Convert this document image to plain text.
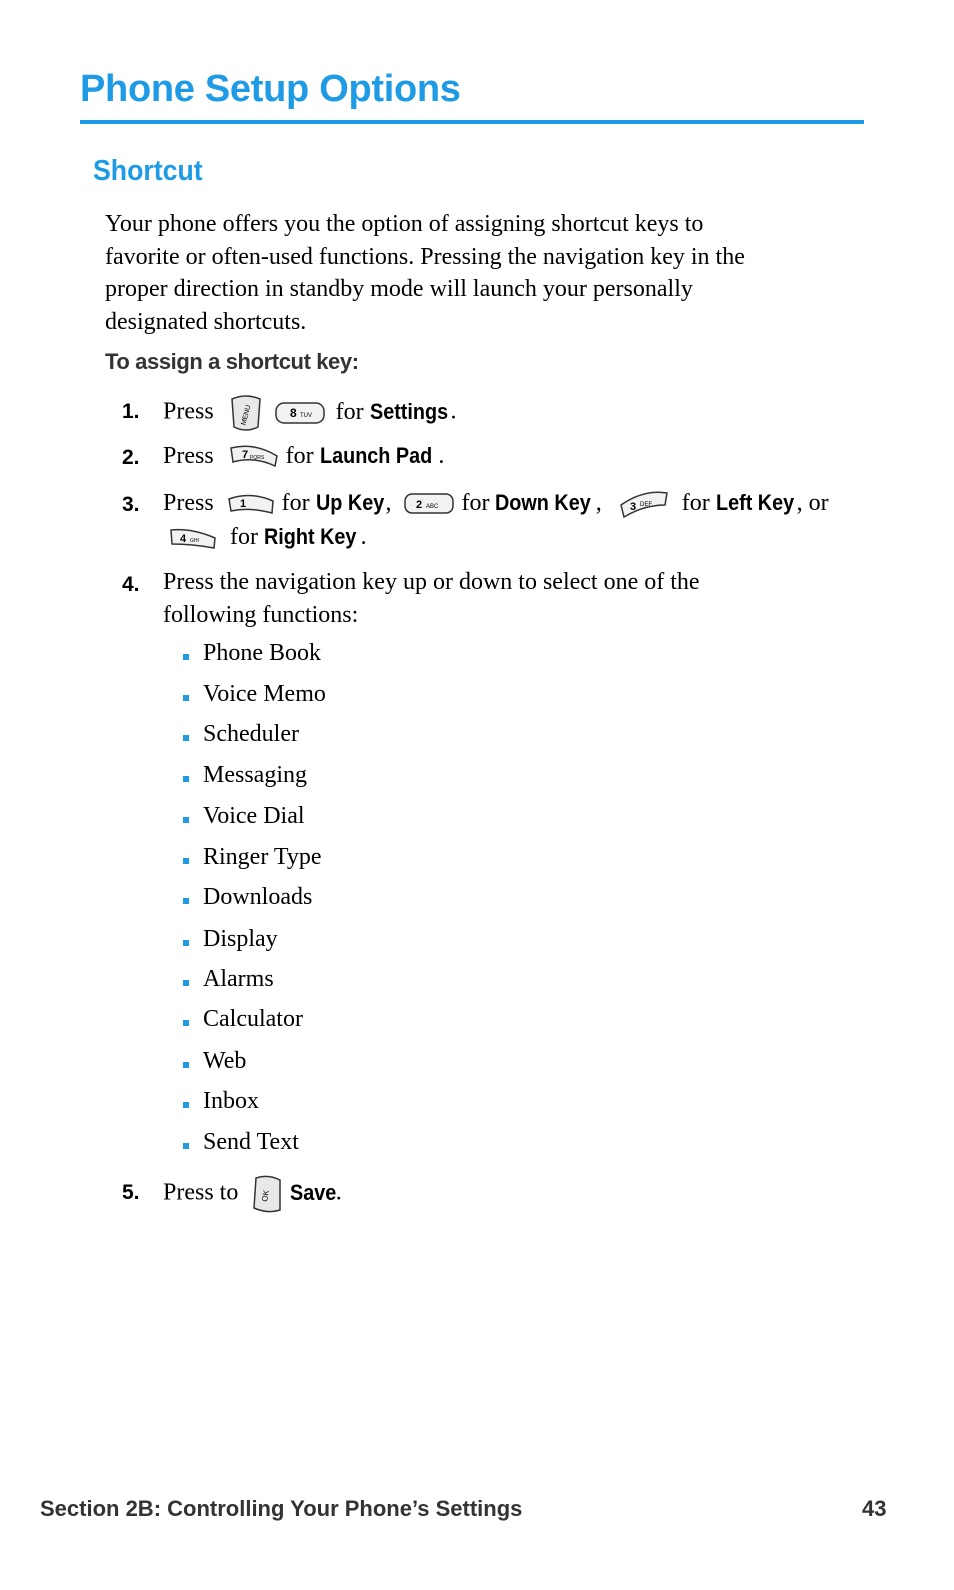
Phone Setup Options
Shortcut
Your phone offers you the option of assigning shortcut keys to
favorite or often-used functions. Pressing the navigation key in the
proper direction in standby mode will launch your personally
designated shortcuts.
To assign a shortcut key:
1. Press	MENU
	8 TUV for Settings .
2. Press	7 PQRS for Launch Pad .
3. Press 1 for Up Key, 2 ABC for Down Key ,	3 DEF for Left Key , or
4 GHI for Right Key .
4. Press the navigation key up or down to select one of the
following functions:
Phone Book
Voice Memo
Scheduler
Messaging
Voice Dial
Ringer Type
Downloads
Display
Alarms
Calculator
Web
Inbox
Send Text
5. Press to	OK Save.
Section 2B: Controlling Your Phone’s Settings	43
